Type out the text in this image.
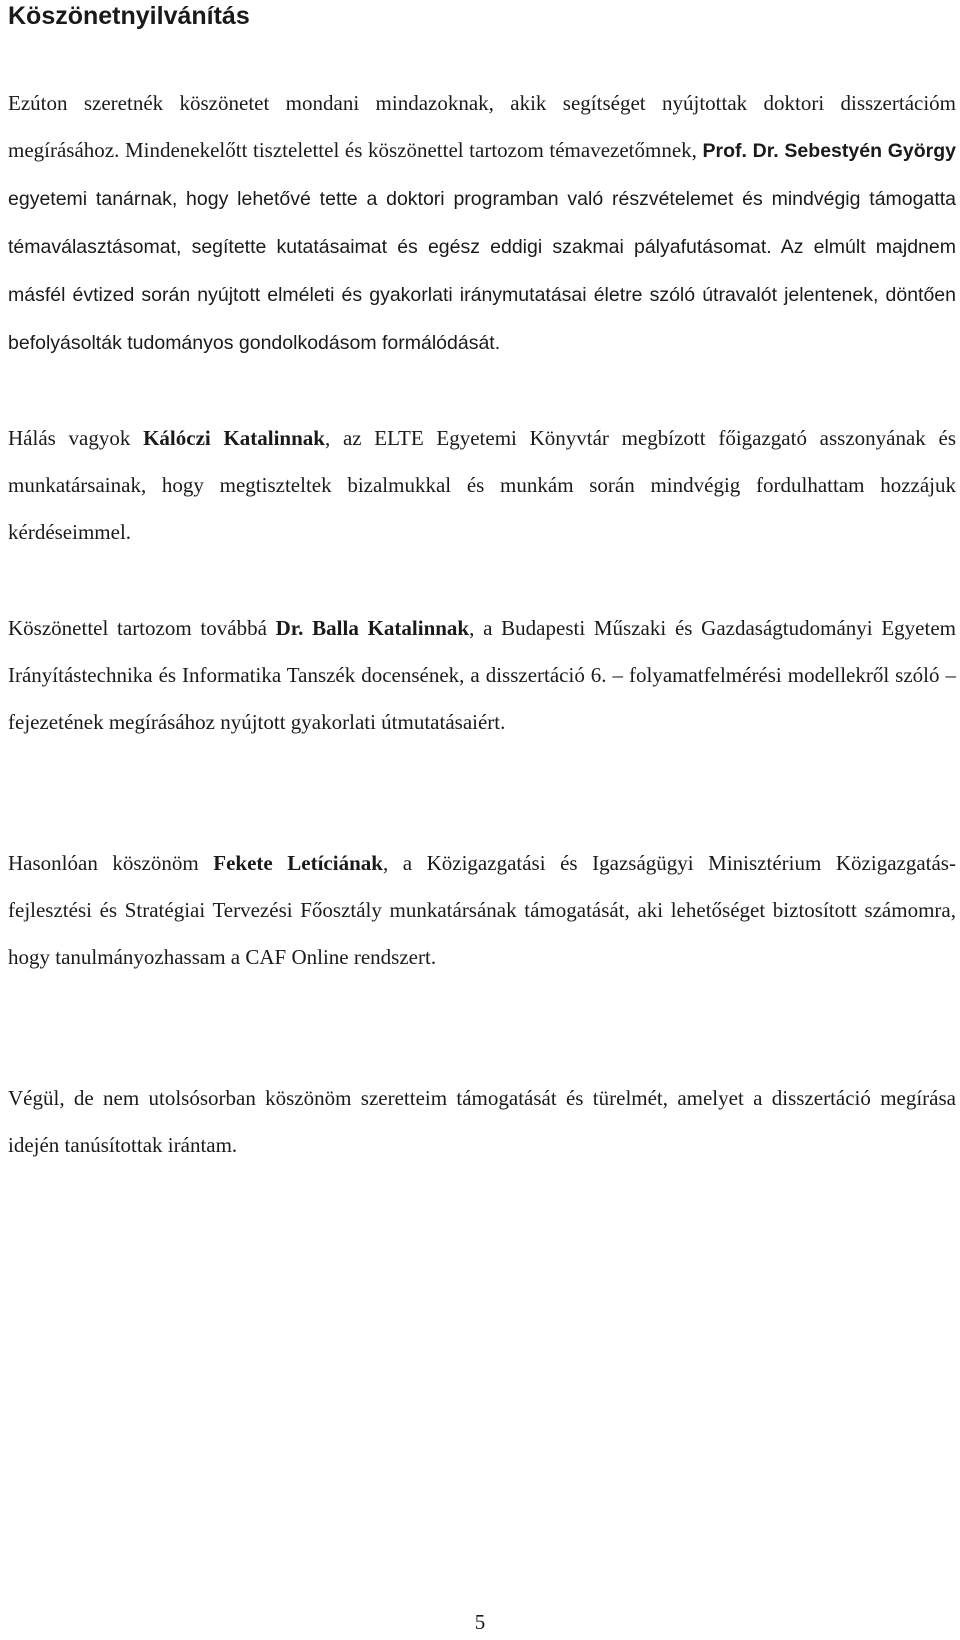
Köszönetnyilvánítás

Ezúton szeretnék köszönetet mondani mindazoknak, akik segítséget nyújtottak doktori disszertációm megírásához. Mindenekelőtt tisztelettel és köszönettel tartozom témavezetőmnek, Prof. Dr. Sebestyén György egyetemi tanárnak, hogy lehetővé tette a doktori programban való részvételemet és mindvégig támogatta témaválasztásomat, segítette kutatásaimat és egész eddigi szakmai pályafutásomat. Az elmúlt majdnem másfél évtized során nyújtott elméleti és gyakorlati iránymutatásai életre szóló útravalót jelentenek, döntően befolyásolták tudományos gondolkodásom formálódását.

Hálás vagyok Kálóczi Katalinnak, az ELTE Egyetemi Könyvtár megbízott főigazgató asszonyának és munkatársainak, hogy megtiszteltek bizalmukkal és munkám során mindvégig fordulhattam hozzájuk kérdéseimmel.

Köszönettel tartozom továbbá Dr. Balla Katalinnak, a Budapesti Műszaki és Gazdaságtudományi Egyetem Irányítástechnika és Informatika Tanszék docensének, a disszertáció 6. – folyamatfelmérési modellekről szóló – fejezetének megírásához nyújtott gyakorlati útmutatásaiért.

Hasonlóan köszönöm Fekete Letíciának, a Közigazgatási és Igazságügyi Minisztérium Közigazgatás-fejlesztési és Stratégiai Tervezési Főosztály munkatársának támogatását, aki lehetőséget biztosított számomra, hogy tanulmányozhassam a CAF Online rendszert.

Végül, de nem utolsósorban köszönöm szeretteim támogatását és türelmét, amelyet a disszertáció megírása idején tanúsítottak irántam.

5
